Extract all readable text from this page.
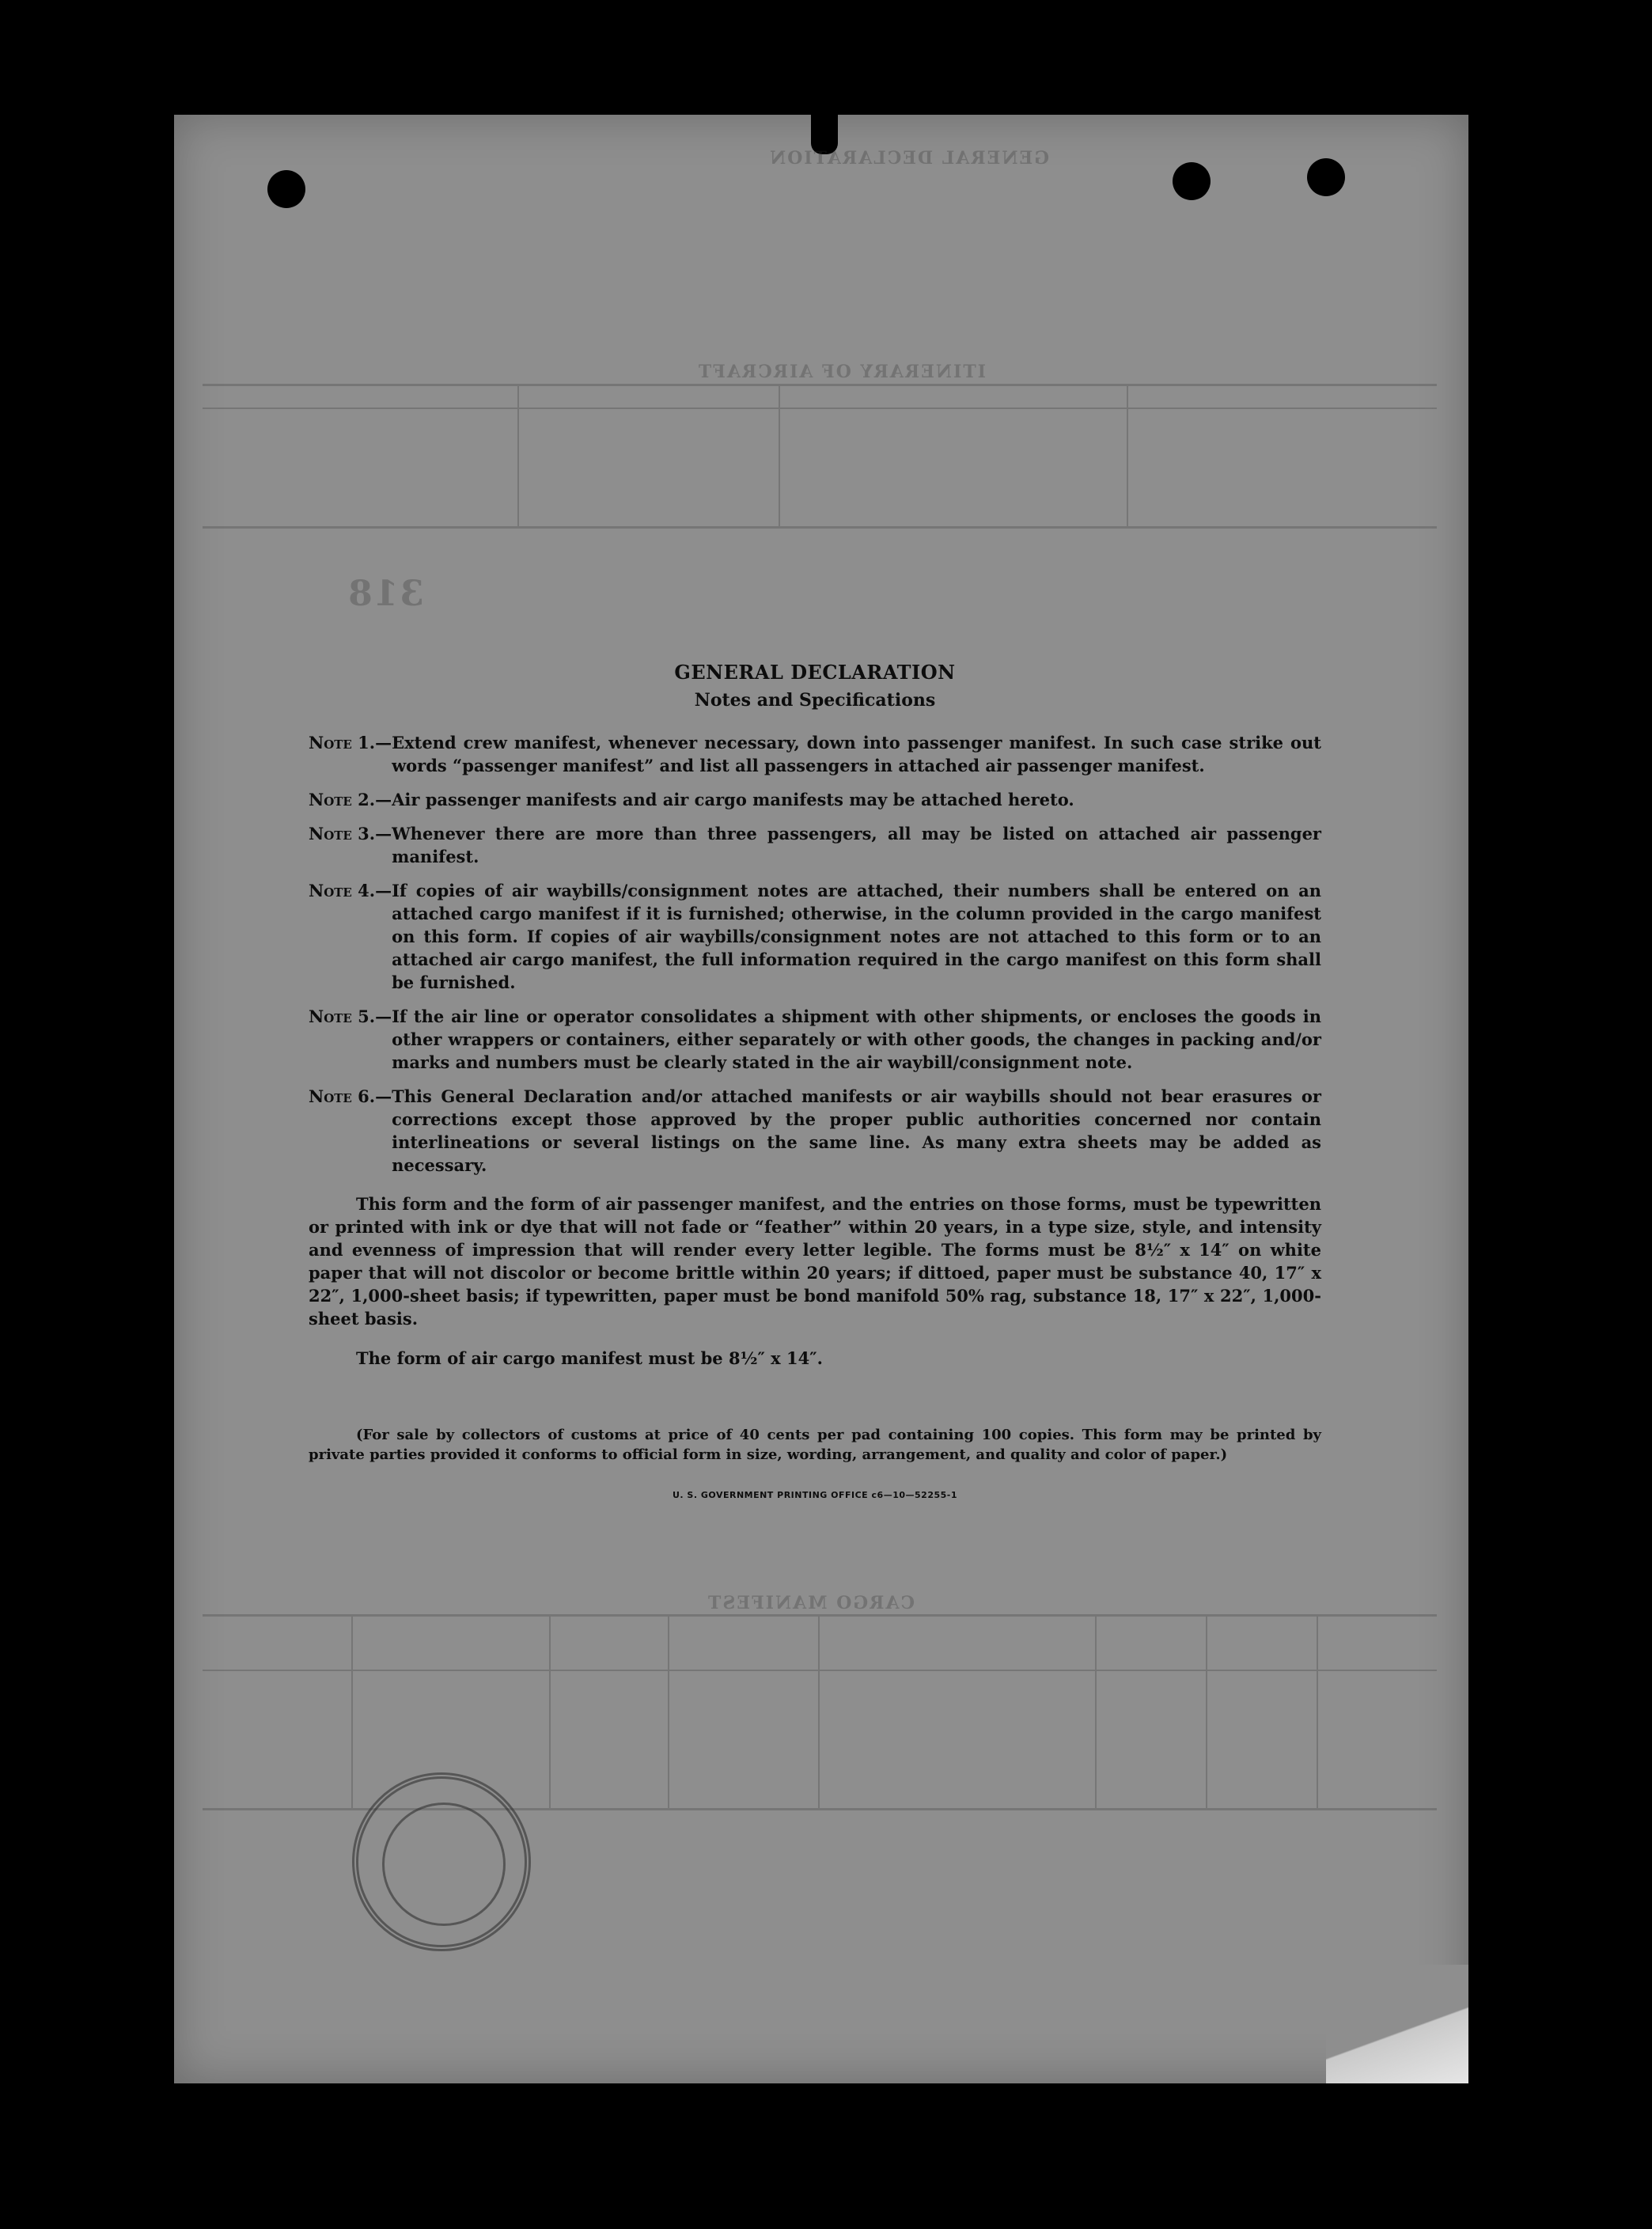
GENERAL DECLARATION
ITINERARY OF AIRCRAFT
318
CARGO MANIFEST

GENERAL DECLARATION

Notes and Specifications

Note 1.— Extend crew manifest, whenever necessary, down into passenger manifest. In such case strike out words “passenger manifest” and list all passengers in attached air passenger manifest.
Note 2.— Air passenger manifests and air cargo manifests may be attached hereto.
Note 3.— Whenever there are more than three passengers, all may be listed on attached air passenger manifest.
Note 4.— If copies of air waybills/consignment notes are attached, their numbers shall be entered on an attached cargo manifest if it is furnished; otherwise, in the column provided in the cargo manifest on this form. If copies of air waybills/consignment notes are not attached to this form or to an attached air cargo manifest, the full information required in the cargo manifest on this form shall be furnished.
Note 5.— If the air line or operator consolidates a shipment with other shipments, or encloses the goods in other wrappers or containers, either separately or with other goods, the changes in packing and/or marks and numbers must be clearly stated in the air waybill/consignment note.
Note 6.— This General Declaration and/or attached manifests or air waybills should not bear erasures or corrections except those approved by the proper public authorities concerned nor contain interlineations or several listings on the same line. As many extra sheets may be added as necessary.

This form and the form of air passenger manifest, and the entries on those forms, must be typewritten or printed with ink or dye that will not fade or “feather” within 20 years, in a type size, style, and intensity and evenness of impression that will render every letter legible. The forms must be 8½″ x 14″ on white paper that will not discolor or become brittle within 20 years; if dittoed, paper must be substance 40, 17″ x 22″, 1,000-sheet basis; if typewritten, paper must be bond manifold 50% rag, substance 18, 17″ x 22″, 1,000-sheet basis.

The form of air cargo manifest must be 8½″ x 14″.

(For sale by collectors of customs at price of 40 cents per pad containing 100 copies. This form may be printed by private parties provided it conforms to official form in size, wording, arrangement, and quality and color of paper.)

U. S. GOVERNMENT PRINTING OFFICE c6—10—52255-1
